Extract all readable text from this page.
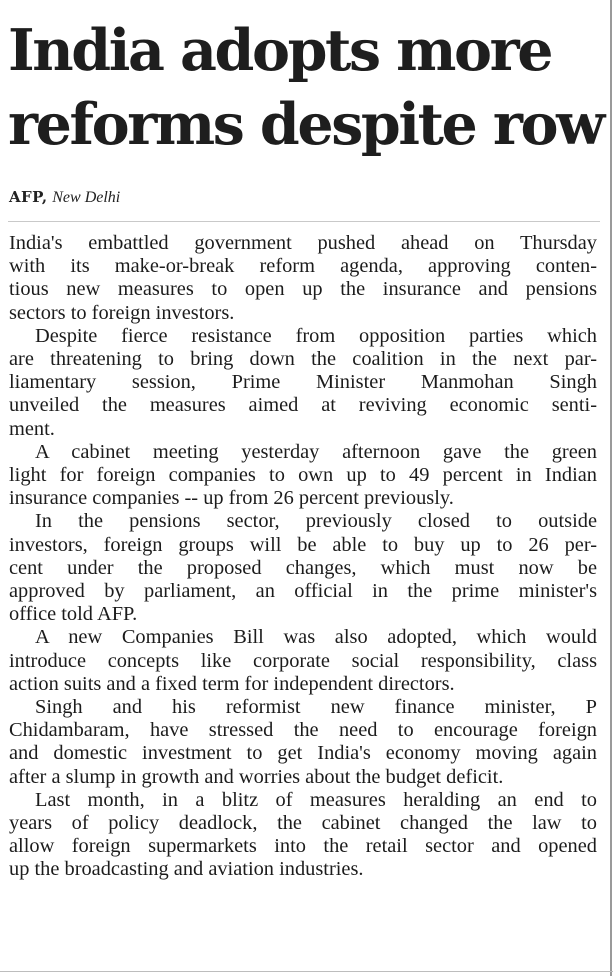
India adopts more
reforms despite row
AFP, New Delhi

India's embattled government pushed ahead on Thursday
with its make-or-break reform agenda, approving conten-
tious new measures to open up the insurance and pensions
sectors to foreign investors.

Despite fierce resistance from opposition parties which
are threatening to bring down the coalition in the next par-
liamentary session, Prime Minister Manmohan Singh
unveiled the measures aimed at reviving economic senti-
ment.

A cabinet meeting yesterday afternoon gave the green
light for foreign companies to own up to 49 percent in Indian
insurance companies -- up from 26 percent previously.

In the pensions sector, previously closed to outside
investors, foreign groups will be able to buy up to 26 per-
cent under the proposed changes, which must now be
approved by parliament, an official in the prime minister's
office told AFP.

A new Companies Bill was also adopted, which would
introduce concepts like corporate social responsibility, class
action suits and a fixed term for independent directors.

Singh and his reformist new finance minister, P
Chidambaram, have stressed the need to encourage foreign
and domestic investment to get India's economy moving again
after a slump in growth and worries about the budget deficit.

Last month, in a blitz of measures heralding an end to
years of policy deadlock, the cabinet changed the law to
allow foreign supermarkets into the retail sector and opened
up the broadcasting and aviation industries.
